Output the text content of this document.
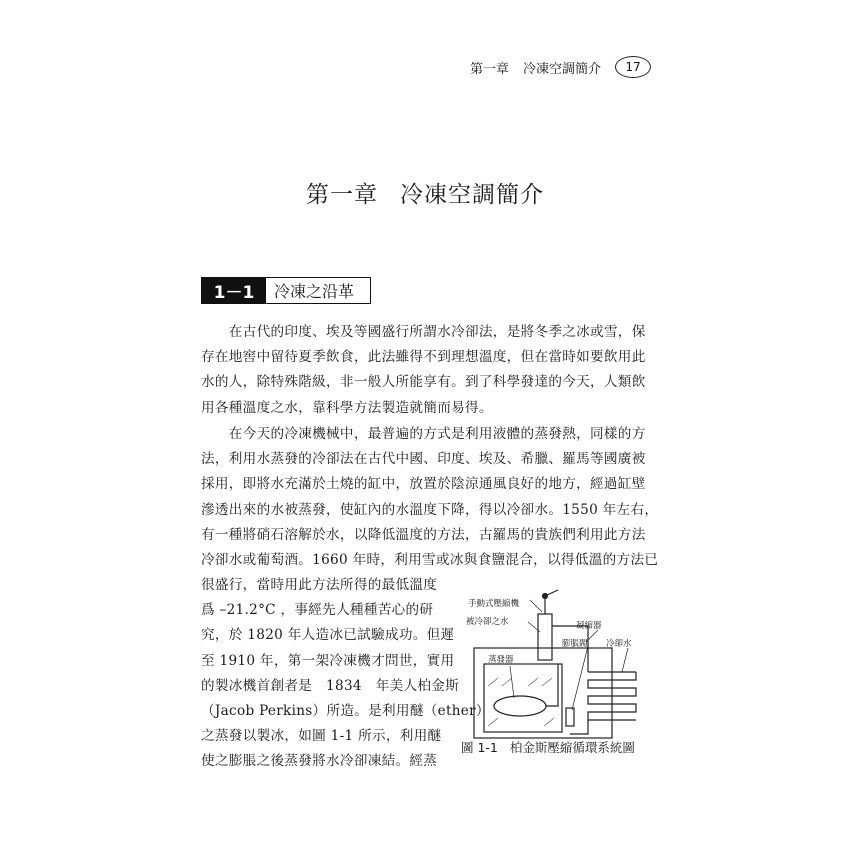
第一章 冷凍空調簡介	17
第一章 冷凍空調簡介
1－1	冷凍之沿革

　　在古代的印度、埃及等國盛行所謂水冷卻法，是將冬季之冰或雪，保
存在地窖中留待夏季飲食，此法雖得不到理想溫度，但在當時如要飲用此
水的人，除特殊階級，非一般人所能享有。到了科學發達的今天，人類飲
用各種溫度之水，靠科學方法製造就簡而易得。

　　在今天的冷凍機械中，最普遍的方式是利用液體的蒸發熱，同樣的方
法，利用水蒸發的冷卻法在古代中國、印度、埃及、希臘、羅馬等國廣被
採用，即將水充滿於土燒的缸中，放置於陰涼通風良好的地方，經過缸壁
滲透出來的水被蒸發，使缸內的水溫度下降，得以冷卻水。1550 年左右，
有一種將硝石溶解於水，以降低溫度的方法，古羅馬的貴族們利用此方法
冷卻水或葡萄酒。1660 年時，利用雪或冰與食鹽混合，以得低溫的方法已

很盛行，當時用此方法所得的最低溫度
爲 –21.2°C ，事經先人種種苦心的研
究，於 1820 年人造冰已試驗成功。但遲
至 1910 年，第一架冷凍機才問世，實用
的製冰機首創者是　1834　年美人柏金斯
（Jacob Perkins）所造。是利用醚（ether）
之蒸發以製冰，如圖 1-1 所示，利用醚
使之膨脹之後蒸發將水冷卻凍結。經蒸

手動式壓縮機
被冷卻之水	凝縮器
膨脹閥 冷卻水
蒸發器
圖 1-1 柏金斯壓縮循環系統圖
